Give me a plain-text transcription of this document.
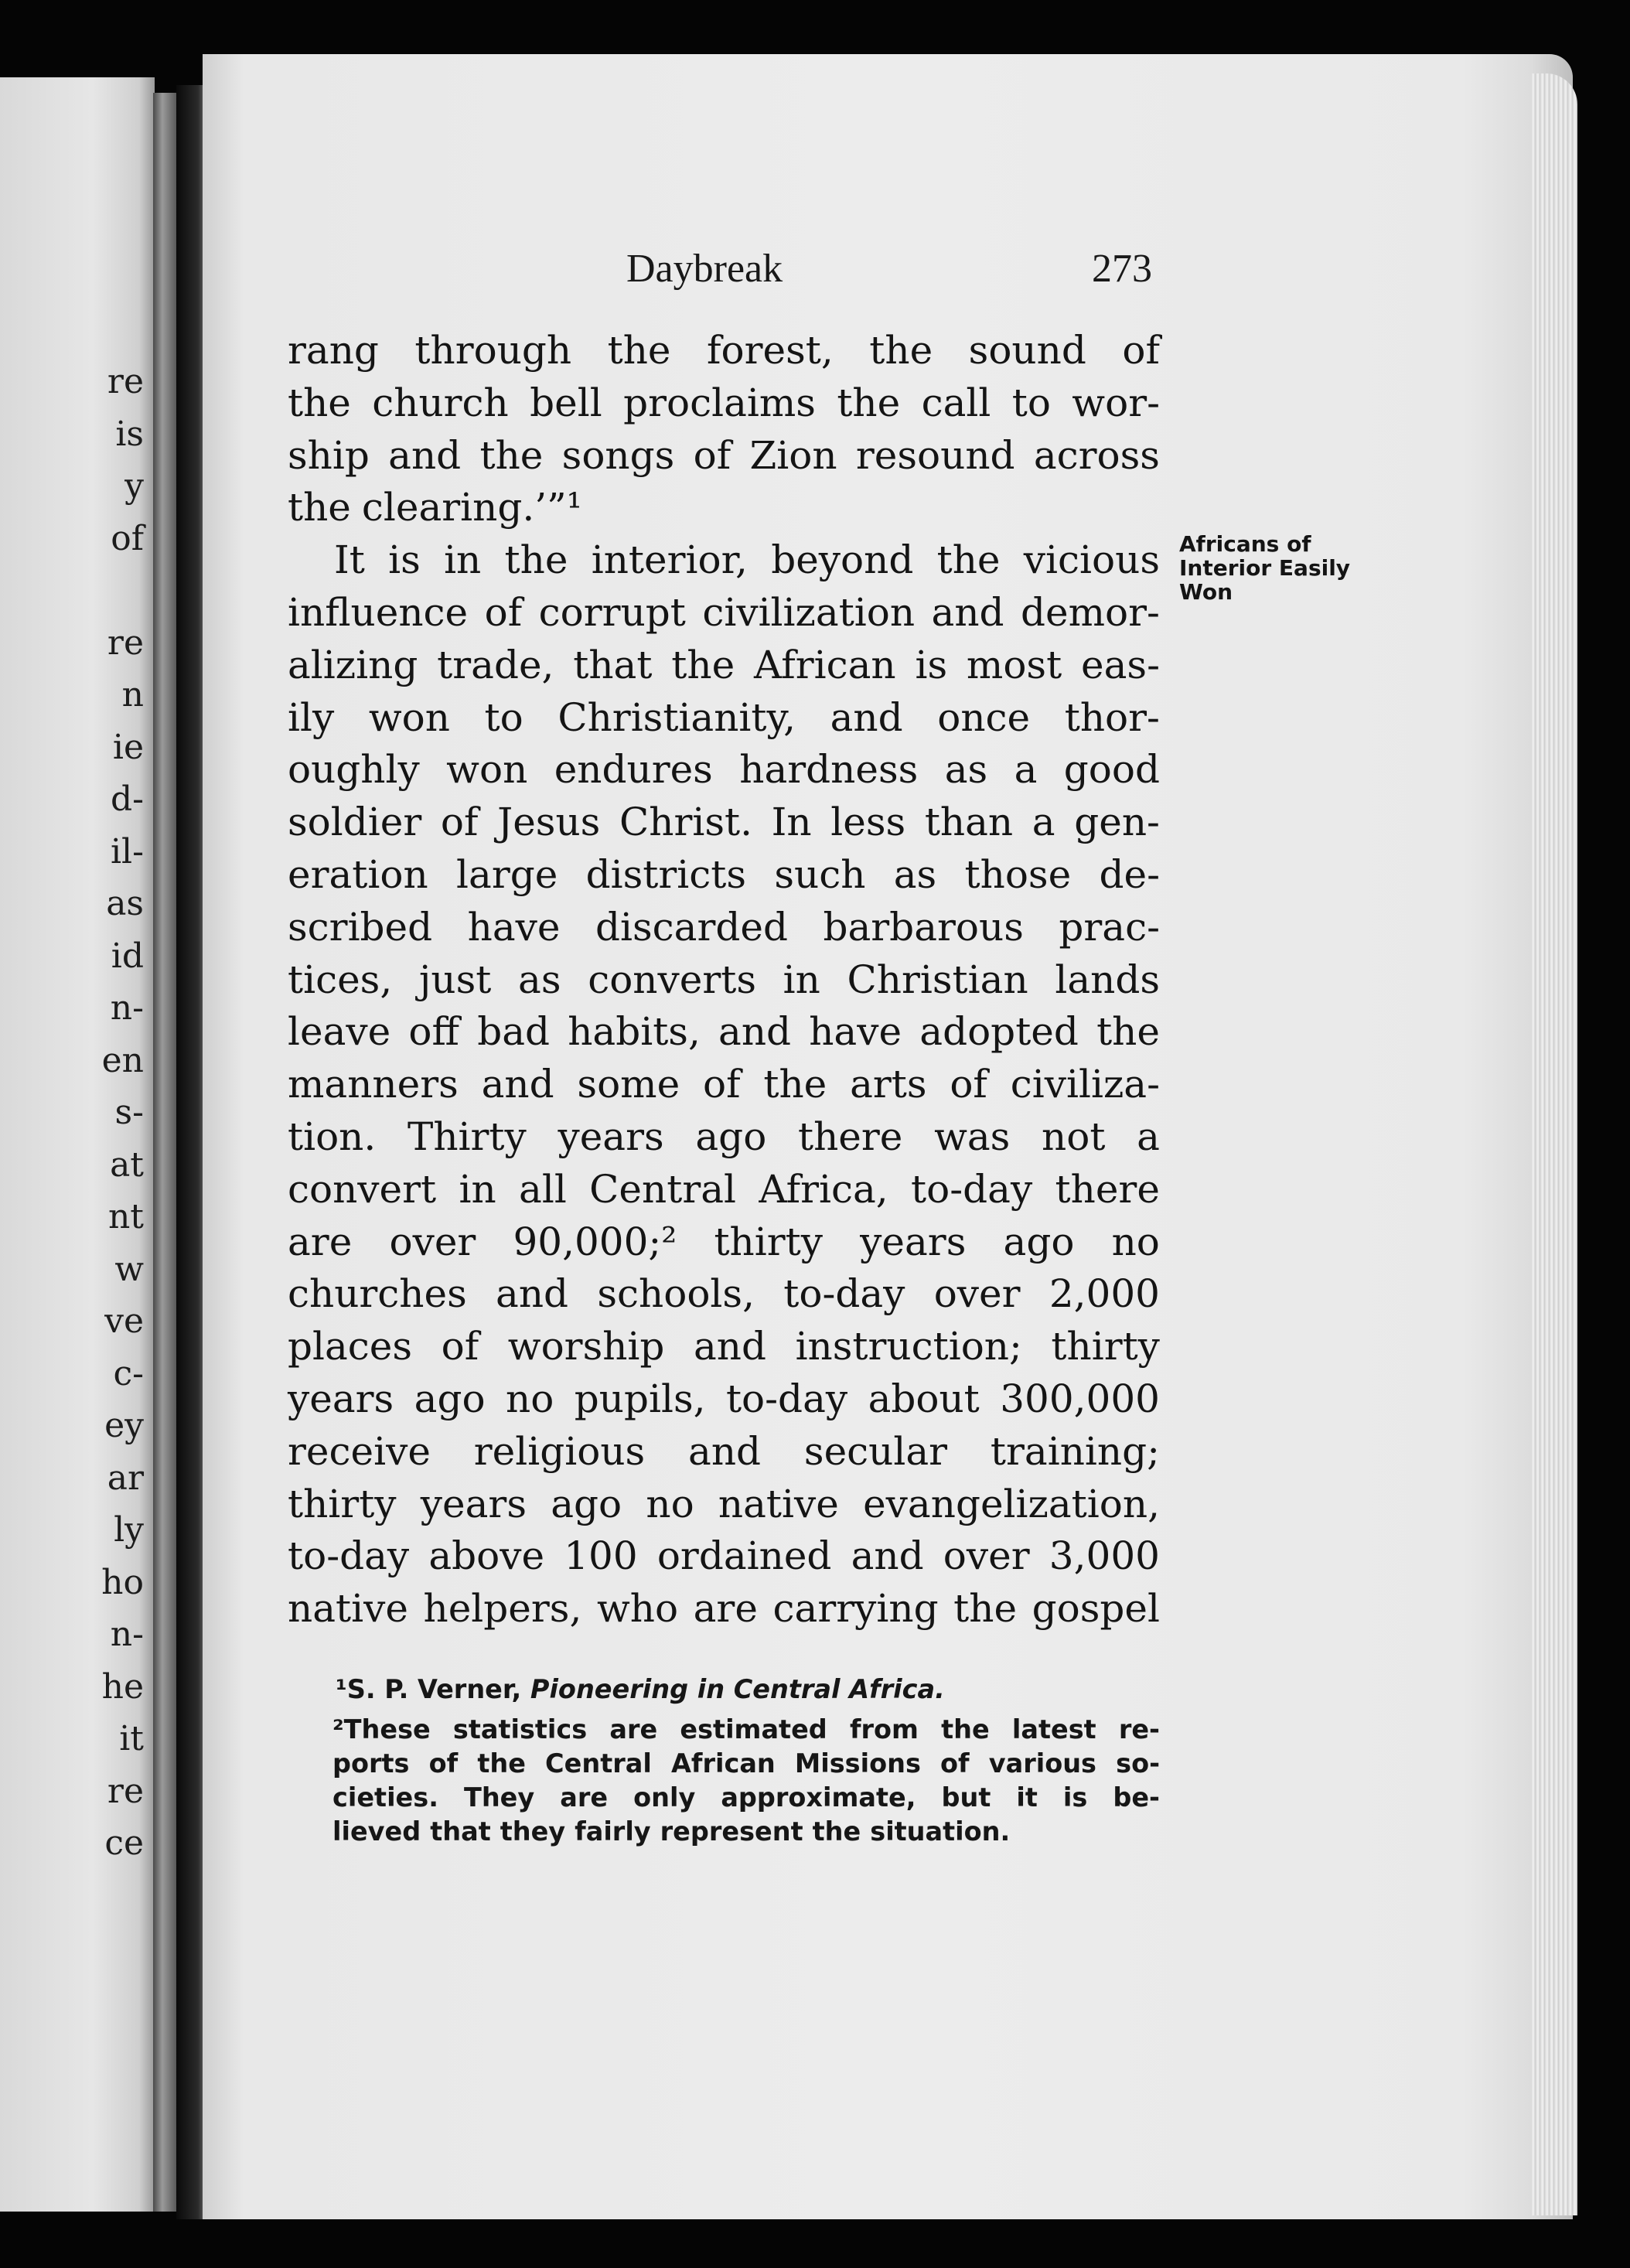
re
is
y
of

re
n
ie
d-
il-
as
id
n-
en
s-
at
nt
w
ve
c-
ey
ar
ly
ho
n-
he
it
re
ce
Daybreak	273
rang through the forest, the sound of
the church bell proclaims the call to wor-
ship and the songs of Zion resound across
the clearing.’”¹
It is in the interior, beyond the vicious
influence of corrupt civilization and demor-
alizing trade, that the African is most eas-
ily won to Christianity, and once thor-
oughly won endures hardness as a good
soldier of Jesus Christ. In less than a gen-
eration large districts such as those de-
scribed have discarded barbarous prac-
tices, just as converts in Christian lands
leave off bad habits, and have adopted the
manners and some of the arts of civiliza-
tion. Thirty years ago there was not a
convert in all Central Africa, to-day there
are over 90,000;² thirty years ago no
churches and schools, to-day over 2,000
places of worship and instruction; thirty
years ago no pupils, to-day about 300,000
receive religious and secular training;
thirty years ago no native evangelization,
to-day above 100 ordained and over 3,000
native helpers, who are carrying the gospel
Africans of
Interior Easily
Won
¹S. P. Verner, Pioneering in Central Africa.
²These statistics are estimated from the latest re-
ports of the Central African Missions of various so-
cieties. They are only approximate, but it is be-
lieved that they fairly represent the situation.
